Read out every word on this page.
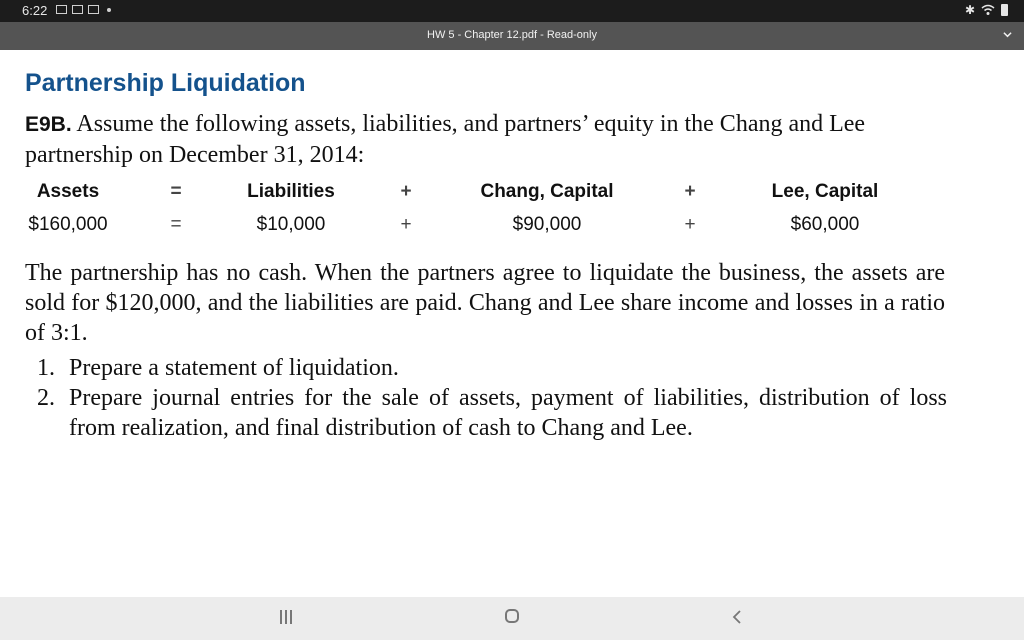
6:22	✱
HW 5 - Chapter 12.pdf - Read-only
Partnership Liquidation
E9B. Assume the following assets, liabilities, and partners’ equity in the Chang and Lee partnership on December 31, 2014:
Assets	=	Liabilities	+	Chang, Capital	+	Lee, Capital
$160,000	=	$10,000	+	$90,000	+	$60,000
The partnership has no cash. When the partners agree to liquidate the business, the assets are sold for $120,000, and the liabilities are paid. Chang and Lee share income and losses in a ratio of 3:1.
1. Prepare a statement of liquidation.
2. Prepare journal entries for the sale of assets, payment of liabilities, distribution of loss from realization, and final distribution of cash to Chang and Lee.
